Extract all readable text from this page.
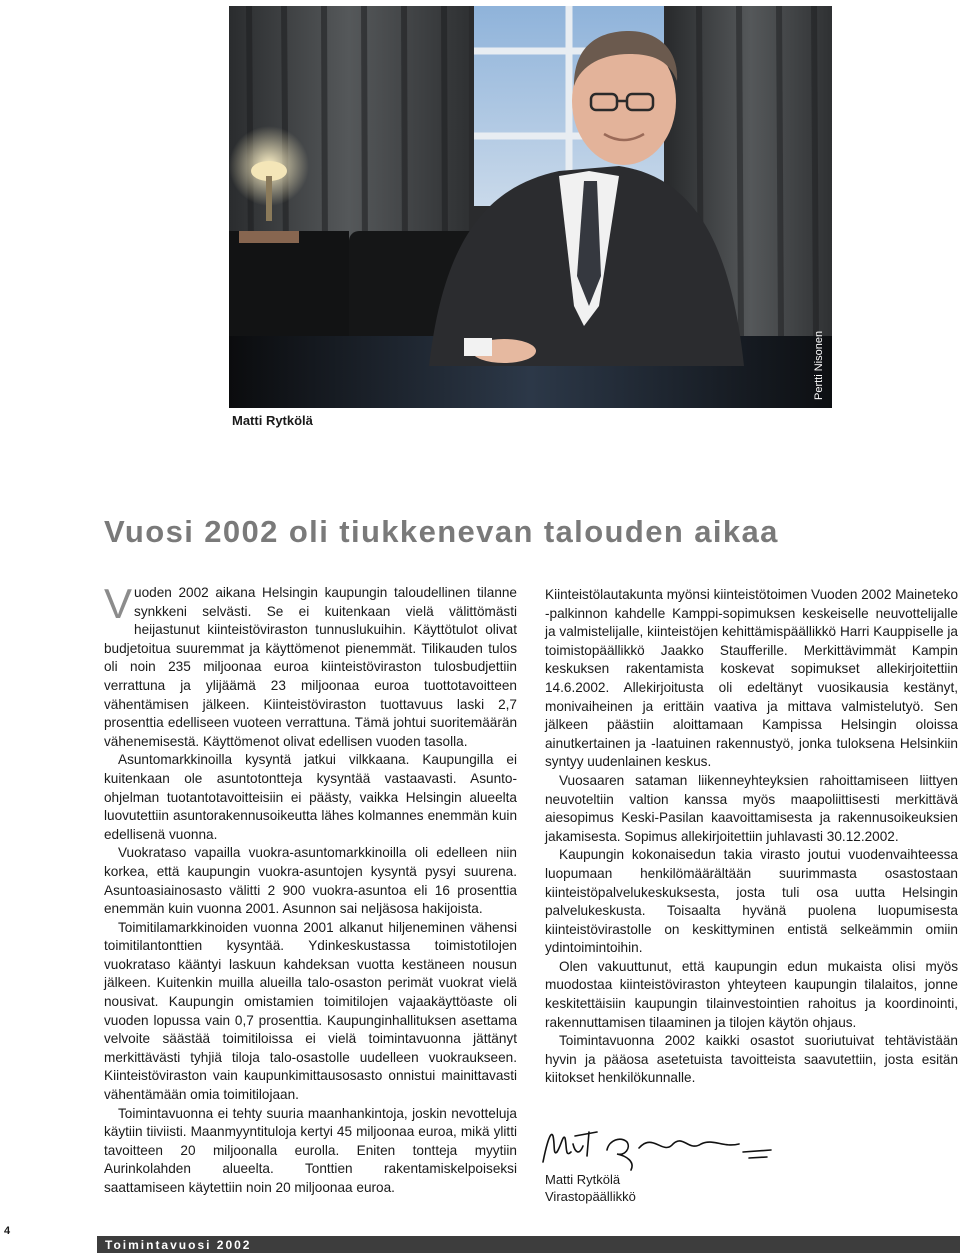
Matti Rytkölä
Vuosi 2002 oli tiukkenevan talouden aikaa

Vuoden 2002 aikana Helsingin kaupungin taloudellinen tilanne synkkeni selvästi. Se ei kuitenkaan vielä välittömästi heijastunut kiinteistöviraston tunnuslukuihin. Käyttötulot olivat budjetoitua suuremmat ja käyttömenot pienemmät. Tilikauden tulos oli noin 235 miljoonaa euroa kiinteistöviraston tulosbudjettiin verrattuna ja ylijäämä 23 miljoonaa euroa tuottotavoitteen vähentämisen jälkeen. Kiinteistöviraston tuottavuus laski 2,7 prosenttia edelliseen vuoteen verrattuna. Tämä johtui suoritemäärän vähenemisestä. Käyttömenot olivat edellisen vuoden tasolla.

Asuntomarkkinoilla kysyntä jatkui vilkkaana. Kaupungilla ei kuitenkaan ole asuntotontteja kysyntää vastaavasti. Asunto-ohjelman tuotantotavoitteisiin ei päästy, vaikka Helsingin alueelta luovutettiin asuntorakennusoikeutta lähes kolmannes enemmän kuin edellisenä vuonna.

Vuokrataso vapailla vuokra-asuntomarkkinoilla oli edelleen niin korkea, että kaupungin vuokra-asuntojen kysyntä pysyi suurena. Asuntoasiainosasto välitti 2 900 vuokra-asuntoa eli 16 prosenttia enemmän kuin vuonna 2001. Asunnon sai neljäsosa hakijoista.

Toimitilamarkkinoiden vuonna 2001 alkanut hiljeneminen vähensi toimitilantonttien kysyntää. Ydinkeskustassa toimistotilojen vuokrataso kääntyi laskuun kahdeksan vuotta kestäneen nousun jälkeen. Kuitenkin muilla alueilla talo-osaston perimät vuokrat vielä nousivat. Kaupungin omistamien toimitilojen vajaakäyttöaste oli vuoden lopussa vain 0,7 prosenttia. Kaupunginhallituksen asettama velvoite säästää toimitiloissa ei vielä toimintavuonna jättänyt merkittävästi tyhjiä tiloja talo-osastolle uudelleen vuokraukseen. Kiinteistöviraston vain kaupunkimittausosasto onnistui mainittavasti vähentämään omia toimitilojaan.

Toimintavuonna ei tehty suuria maanhankintoja, joskin nevotteluja käytiin tiiviisti. Maanmyyntituloja kertyi 45 miljoonaa euroa, mikä ylitti tavoitteen 20 miljoonalla eurolla. Eniten tontteja myytiin Aurinkolahden alueelta. Tonttien rakentamiskelpoiseksi saattamiseen käytettiin noin 20 miljoonaa euroa.

Kiinteistölautakunta myönsi kiinteistötoimen Vuoden 2002 Maineteko -palkinnon kahdelle Kamppi-sopimuksen keskeiselle neuvottelijalle ja valmistelijalle, kiinteistöjen kehittämispäällikkö Harri Kauppiselle ja toimistopäällikkö Jaakko Staufferille. Merkittävimmät Kampin keskuksen rakentamista koskevat sopimukset allekirjoitettiin 14.6.2002. Allekirjoitusta oli edeltänyt vuosikausia kestänyt, monivaiheinen ja erittäin vaativa ja mittava valmistelutyö. Sen jälkeen päästiin aloittamaan Kampissa Helsingin oloissa ainutkertainen ja -laatuinen rakennustyö, jonka tuloksena Helsinkiin syntyy uudenlainen keskus.

Vuosaaren sataman liikenneyhteyksien rahoittamiseen liittyen neuvoteltiin valtion kanssa myös maapoliittisesti merkittävä aiesopimus Keski-Pasilan kaavoittamisesta ja rakennusoikeuksien jakamisesta. Sopimus allekirjoitettiin juhlavasti 30.12.2002.

Kaupungin kokonaisedun takia virasto joutui vuodenvaihteessa luopumaan henkilömäärältään suurimmasta osastostaan kiinteistöpalvelukeskuksesta, josta tuli osa uutta Helsingin palvelukeskusta. Toisaalta hyvänä puolena luopumisesta kiinteistövirastolle on keskittyminen entistä selkeämmin omiin ydintoimintoihin.

Olen vakuuttunut, että kaupungin edun mukaista olisi myös muodostaa kiinteistöviraston yhteyteen kaupungin tilalaitos, jonne keskitettäisiin kaupungin tilainvestointien rahoitus ja koordinointi, rakennuttamisen tilaaminen ja tilojen käytön ohjaus.

Toimintavuonna 2002 kaikki osastot suoriutuivat tehtävistään hyvin ja pääosa asetetuista tavoitteista saavutettiin, josta esitän kiitokset henkilökunnalle.

Matti Rytkölä
Virastopäällikkö
4
Toimintavuosi 2002
